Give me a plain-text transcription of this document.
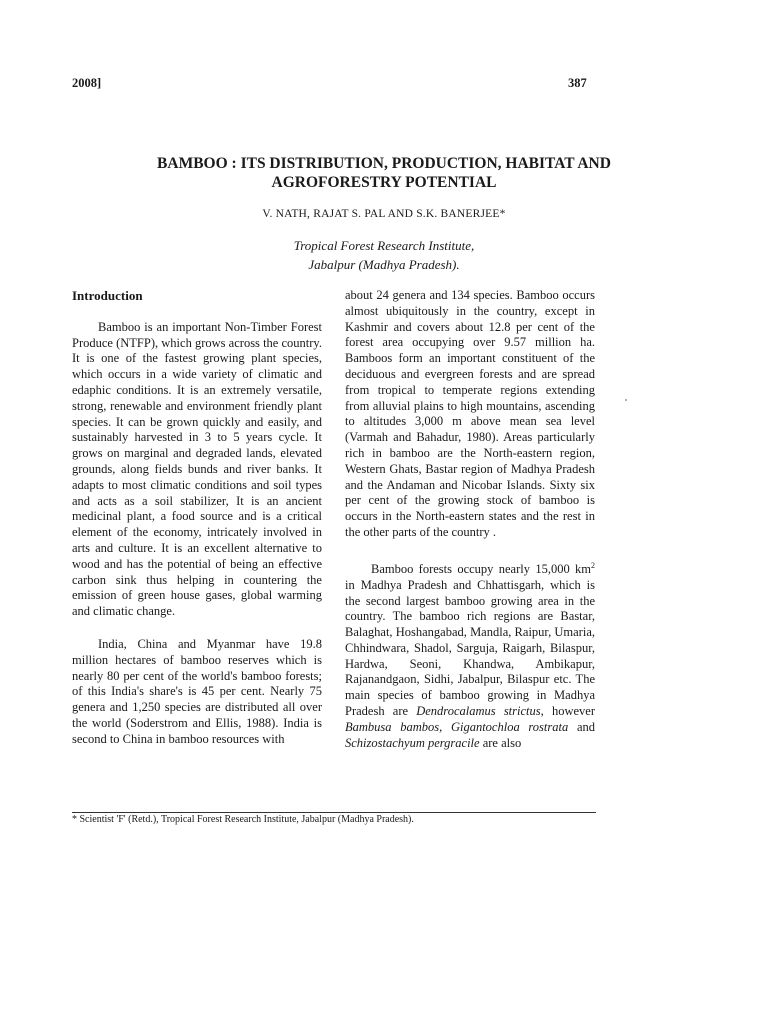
2008]	387
BAMBOO : ITS DISTRIBUTION, PRODUCTION, HABITAT AND
AGROFORESTRY POTENTIAL
V. NATH, RAJAT S. PAL AND S.K. BANERJEE*
Tropical Forest Research Institute,
Jabalpur (Madhya Pradesh).
Introduction

Bamboo is an important Non-Timber Forest Produce (NTFP), which grows across the country. It is one of the fastest growing plant species, which occurs in a wide variety of climatic and edaphic conditions. It is an extremely versatile, strong, renewable and environment friendly plant species. It can be grown quickly and easily, and sustainably harvested in 3 to 5 years cycle. It grows on marginal and degraded lands, elevated grounds, along fields bunds and river banks. It adapts to most climatic conditions and soil types and acts as a soil stabilizer, It is an ancient medicinal plant, a food source and is a critical element of the economy, intricately involved in arts and culture. It is an excellent alternative to wood and has the potential of being an effective carbon sink thus helping in countering the emission of green house gases, global warming and climatic change.

India, China and Myanmar have 19.8 million hectares of bamboo reserves which is nearly 80 per cent of the world's bamboo forests; of this India's share's is 45 per cent. Nearly 75 genera and 1,250 species are distributed all over the world (Soderstrom and Ellis, 1988). India is second to China in bamboo resources with

about 24 genera and 134 species. Bamboo occurs almost ubiquitously in the country, except in Kashmir and covers about 12.8 per cent of the forest area occupying over 9.57 million ha. Bamboos form an important constituent of the deciduous and evergreen forests and are spread from tropical to temperate regions extending from alluvial plains to high mountains, ascending to altitudes 3,000 m above mean sea level (Varmah and Bahadur, 1980). Areas particularly rich in bamboo are the North-eastern region, Western Ghats, Bastar region of Madhya Pradesh and the Andaman and Nicobar Islands. Sixty six per cent of the growing stock of bamboo is occurs in the North-eastern states and the rest in the other parts of the country .

Bamboo forests occupy nearly 15,000 $km^2$ in Madhya Pradesh and Chhattisgarh, which is the second largest bamboo growing area in the country. The bamboo rich regions are Bastar, Balaghat, Hoshangabad, Mandla, Raipur, Umaria, Chhindwara, Shadol, Sarguja, Raigarh, Bilaspur, Hardwa, Seoni, Khandwa, Ambikapur, Rajanandgaon, Sidhi, Jabalpur, Bilaspur etc. The main species of bamboo growing in Madhya Pradesh are Dendrocalamus strictus, however Bambusa bambos, Gigantochloa rostrata and Schizostachyum pergracile are also

* Scientist 'F' (Retd.), Tropical Forest Research Institute, Jabalpur (Madhya Pradesh).
